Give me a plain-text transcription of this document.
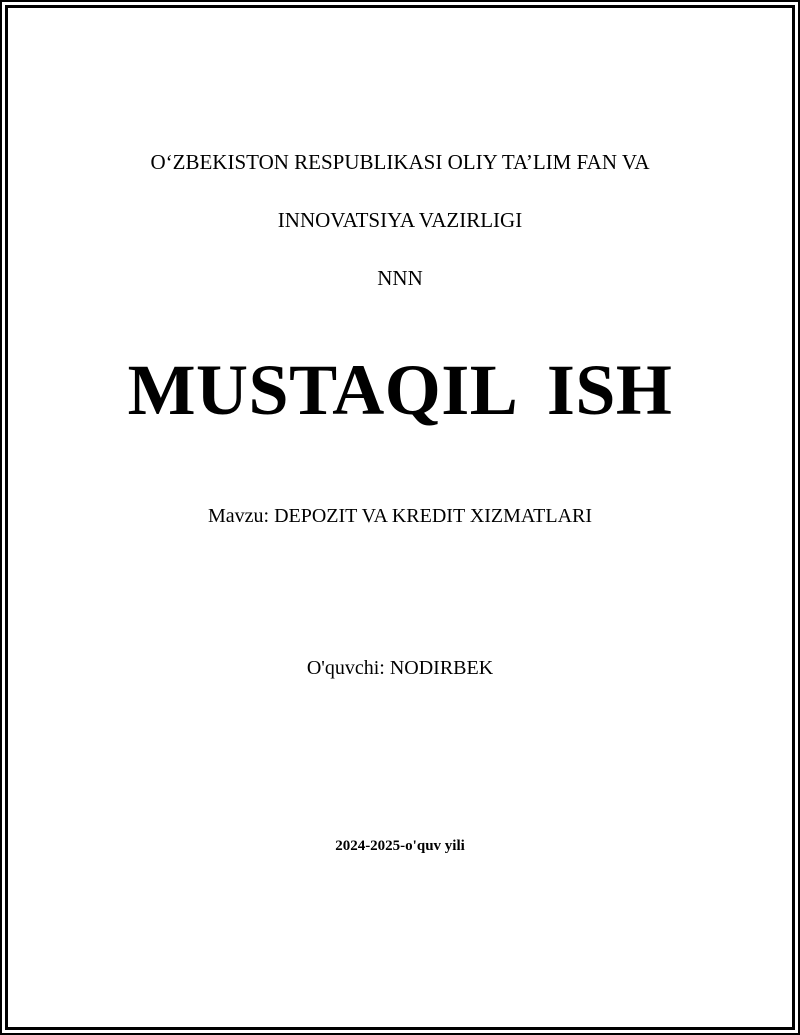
O‘ZBEKISTON RESPUBLIKASI OLIY TA’LIM FAN VA

INNOVATSIYA VAZIRLIGI

NNN

MUSTAQIL ISH
Mavzu: DEPOZIT VA KREDIT XIZMATLARI
O'quvchi: NODIRBEK
2024-2025-o'quv yili
